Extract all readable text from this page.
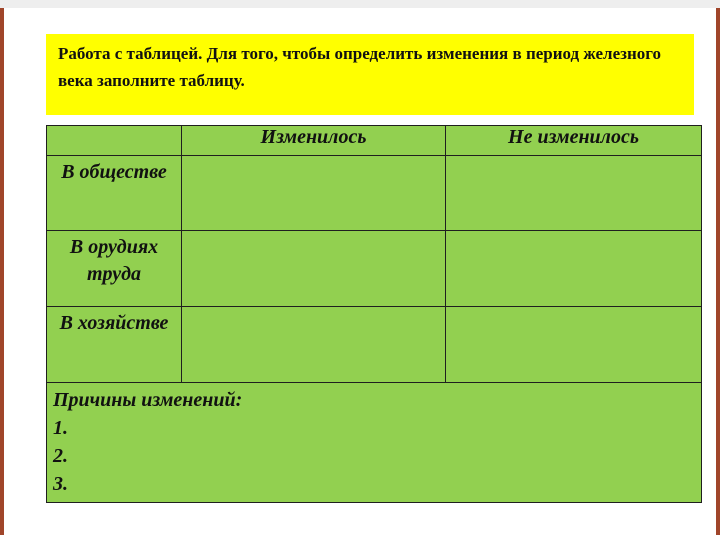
Работа с таблицей. Для того, чтобы определить изменения в период железного века заполните таблицу.
	Изменилось	Не изменилось
В обществе		
В орудиях труда		
В хозяйстве		

Причины изменений:
1.
2.
3.		
